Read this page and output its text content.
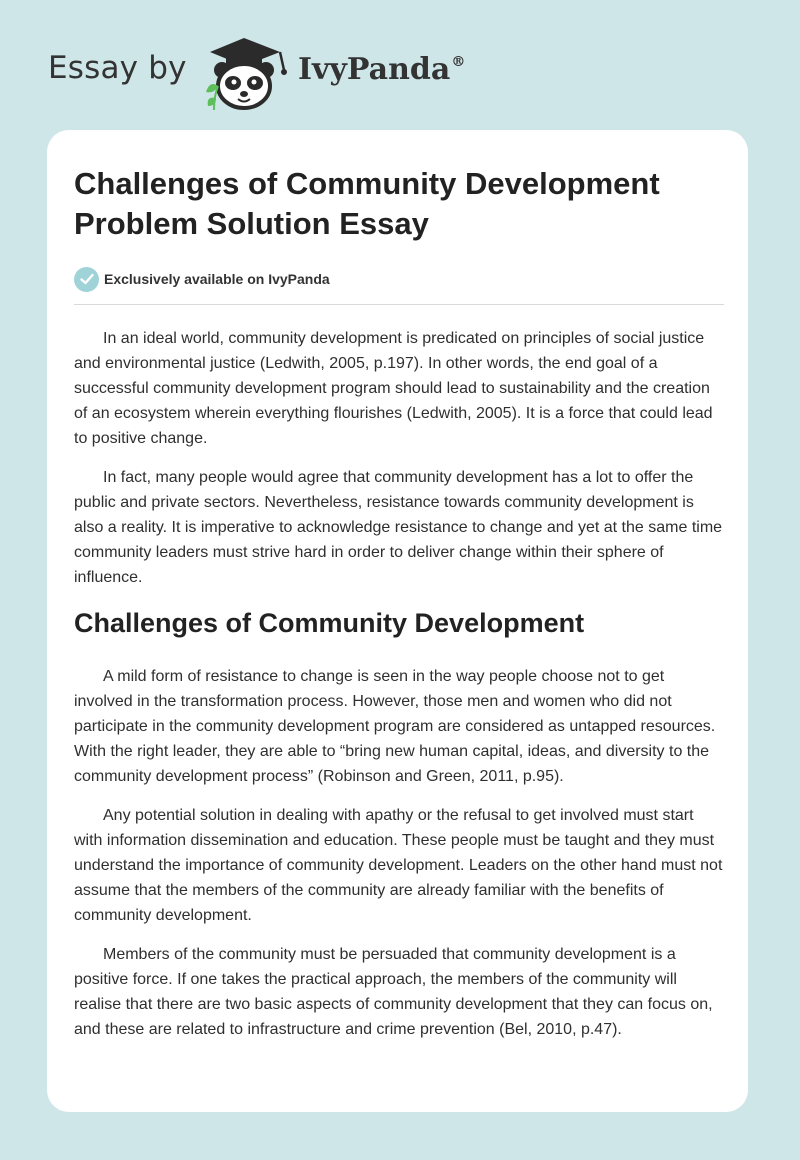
Essay by	IvyPanda®
Challenges of Community Development Problem Solution Essay
Exclusively available on IvyPanda

In an ideal world, community development is predicated on principles of social justice and environmental justice (Ledwith, 2005, p.197). In other words, the end goal of a successful community development program should lead to sustainability and the creation of an ecosystem wherein everything flourishes (Ledwith, 2005). It is a force that could lead to positive change.

In fact, many people would agree that community development has a lot to offer the public and private sectors. Nevertheless, resistance towards community development is also a reality. It is imperative to acknowledge resistance to change and yet at the same time community leaders must strive hard in order to deliver change within their sphere of influence.

Challenges of Community Development

A mild form of resistance to change is seen in the way people choose not to get involved in the transformation process. However, those men and women who did not participate in the community development program are considered as untapped resources. With the right leader, they are able to “bring new human capital, ideas, and diversity to the community development process” (Robinson and Green, 2011, p.95).

Any potential solution in dealing with apathy or the refusal to get involved must start with information dissemination and education. These people must be taught and they must understand the importance of community development. Leaders on the other hand must not assume that the members of the community are already familiar with the benefits of community development.

Members of the community must be persuaded that community development is a positive force. If one takes the practical approach, the members of the community will realise that there are two basic aspects of community development that they can focus on, and these are related to infrastructure and crime prevention (Bel, 2010, p.47).
